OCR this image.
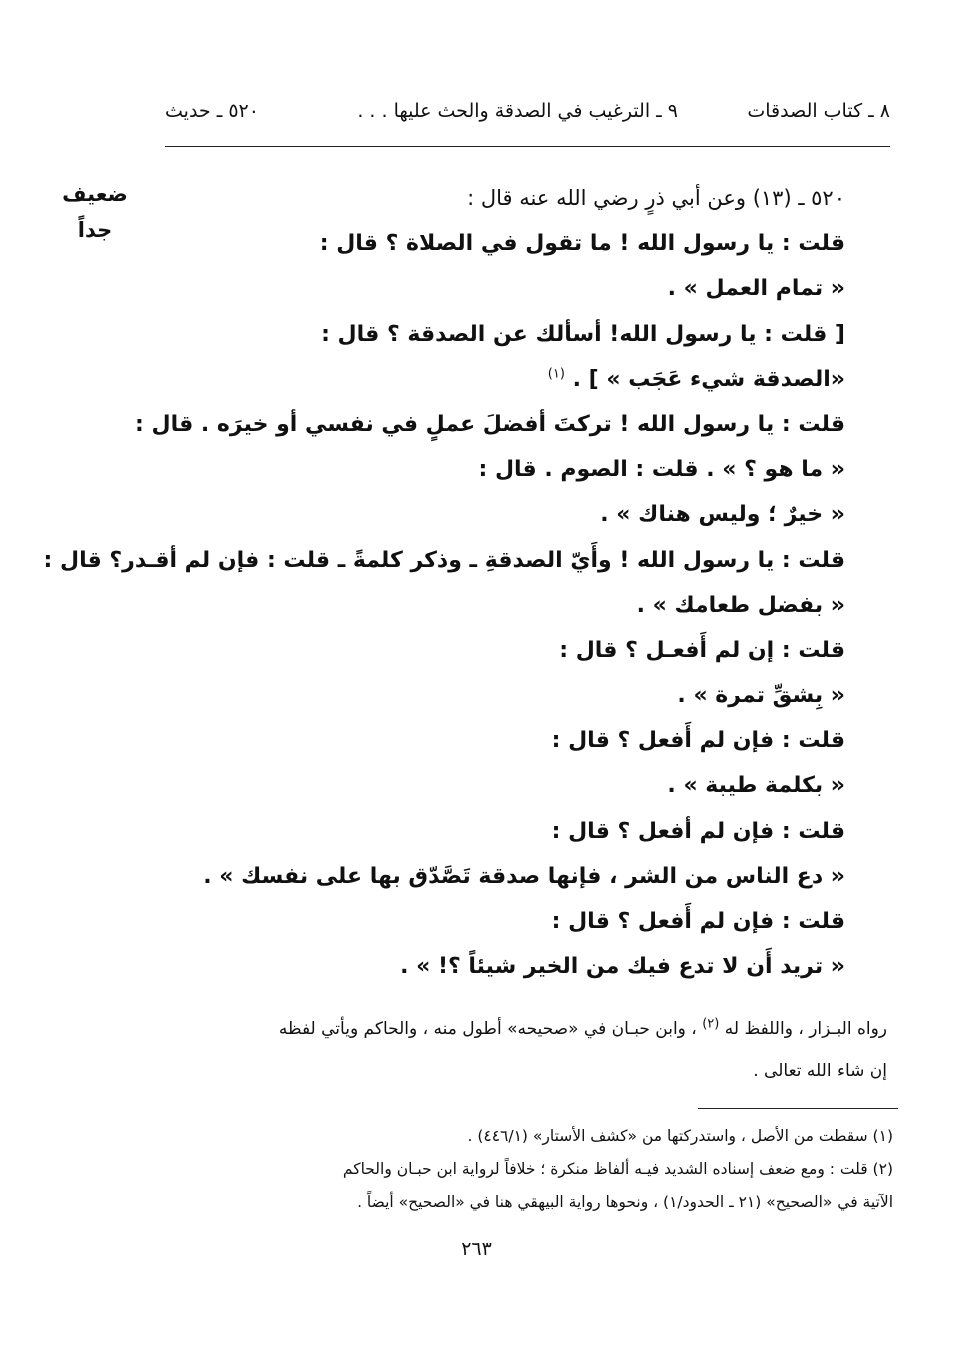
٨ ـ كتاب الصدقات
٩ ـ الترغيب في الصدقة والحث عليها . . .
٥٢٠ ـ حديث
ضعيف
جداً
٥٢٠ ـ (١٣) وعن أبي ذرٍ رضي الله عنه قال :
قلت : يا رسول الله ! ما تقول في الصلاة ؟ قال :
« تمام العمل » .
[ قلت : يا رسول الله! أسألك عن الصدقة ؟ قال :
«الصدقة شيء عَجَب » ] . $^{(١)}$
قلت : يا رسول الله ! تركتَ أفضلَ عملٍ في نفسي أو خيرَه . قال :
« ما هو ؟ » . قلت : الصوم . قال :
« خيرٌ ؛ وليس هناك » .
قلت : يا رسول الله ! وأَيّ الصدقةِ ـ وذكر كلمةً ـ قلت : فإن لم أقـدر؟ قال :
« بفضل طعامك » .
قلت : إن لم أَفعـل ؟ قال :
« بِشقِّ تمرة » .
قلت : فإن لم أَفعل ؟ قال :
« بكلمة طيبة » .
قلت : فإن لم أفعل ؟ قال :
« دع الناس من الشر ، فإنها صدقة تَصَّدّق بها على نفسك » .
قلت : فإن لم أَفعل ؟ قال :
« تريد أَن لا تدع فيك من الخير شيئاً ؟! » .
رواه البـزار ، واللفظ له $^{(٢)}$ ، وابن حبـان في «صحيحه» أطول منه ، والحاكم ويأتي لفظه
إن شاء الله تعالى .
(١) سقطت من الأصل ، واستدركتها من «كشف الأستار» (٤٤٦/١) .
(٢) قلت : ومع ضعف إسناده الشديد فيـه ألفاظ منكرة ؛ خلافاً لرواية ابن حبـان والحاكم
الآتية في «الصحيح» (٢١ ـ الحدود/١) ، ونحوها رواية البيهقي هنا في «الصحيح» أيضاً .
٢٦٣
